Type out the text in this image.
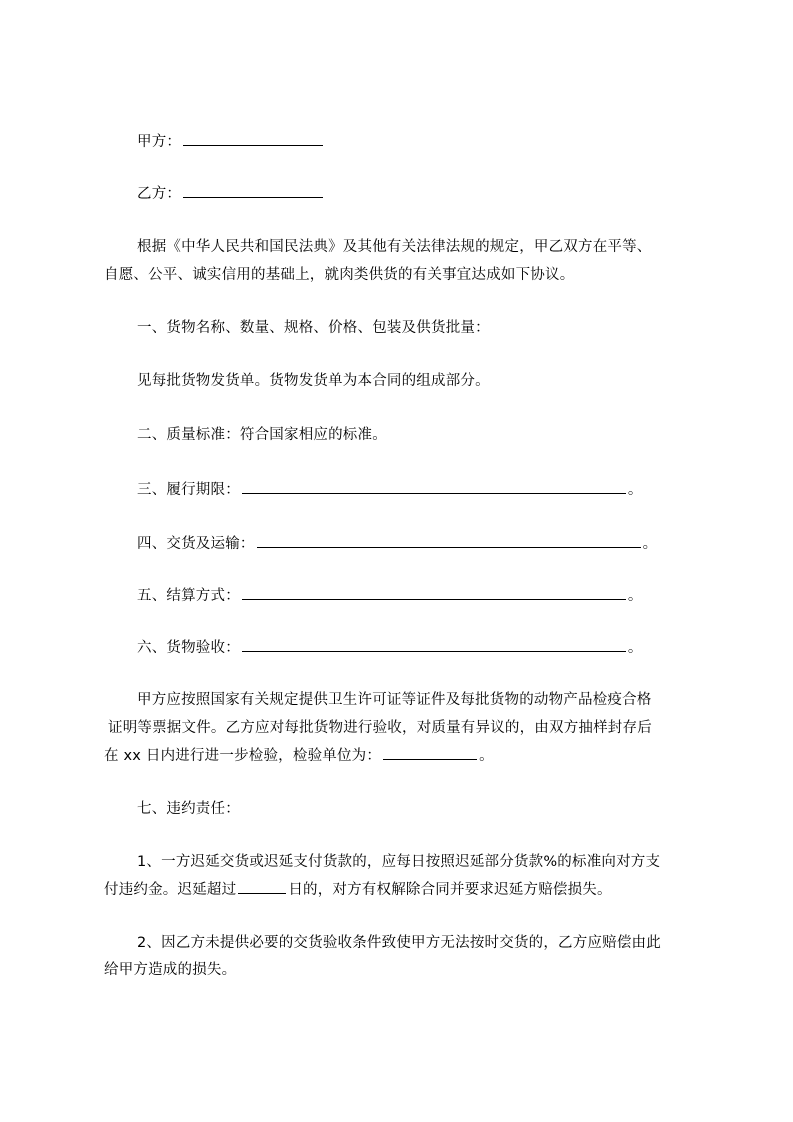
甲方：
乙方：
根据《中华人民共和国民法典》及其他有关法律法规的规定，甲乙双方在平等、
自愿、公平、诚实信用的基础上，就肉类供货的有关事宜达成如下协议。
一、货物名称、数量、规格、价格、包装及供货批量：
见每批货物发货单。货物发货单为本合同的组成部分。
二、质量标准：符合国家相应的标准。
三、履行期限：	。
四、交货及运输：	。
五、结算方式：	。
六、货物验收：	。
甲方应按照国家有关规定提供卫生许可证等证件及每批货物的动物产品检疫合格
证明等票据文件。乙方应对每批货物进行验收，对质量有异议的，由双方抽样封存后
在 xx 日内进行进一步检验，检验单位为：	。
七、违约责任：
1、一方迟延交货或迟延支付货款的，应每日按照迟延部分货款%的标准向对方支
付违约金。迟延超过	日的，对方有权解除合同并要求迟延方赔偿损失。
2、因乙方未提供必要的交货验收条件致使甲方无法按时交货的，乙方应赔偿由此
给甲方造成的损失。
